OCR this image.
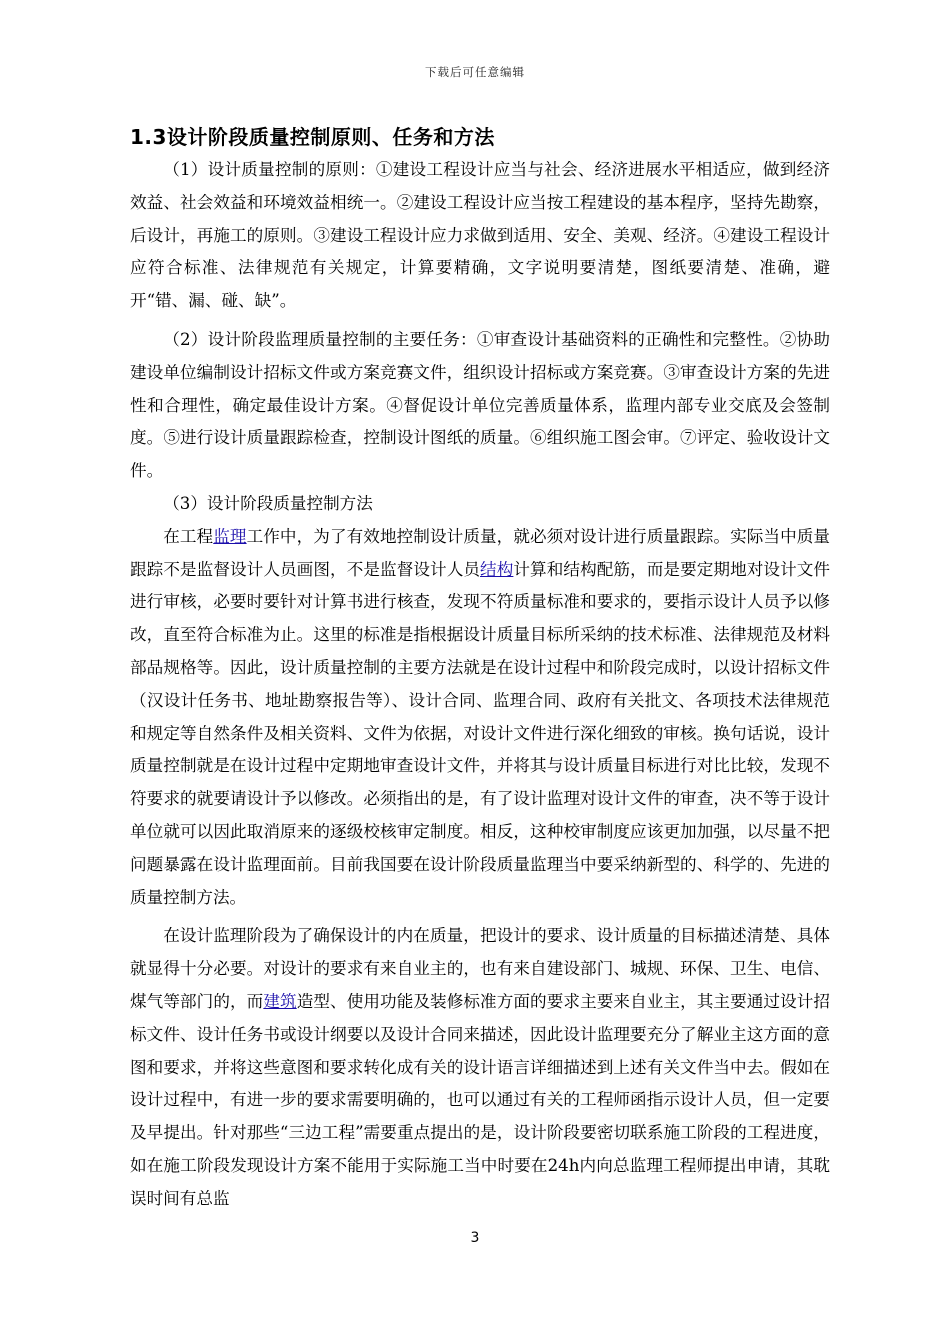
下载后可任意编辑
1.3设计阶段质量控制原则、任务和方法

（1）设计质量控制的原则：①建设工程设计应当与社会、经济进展水平相适应，做到经济效益、社会效益和环境效益相统一。②建设工程设计应当按工程建设的基本程序，坚持先勘察，后设计，再施工的原则。③建设工程设计应力求做到适用、安全、美观、经济。④建设工程设计应符合标准、法律规范有关规定，计算要精确，文字说明要清楚，图纸要清楚、准确，避开“错、漏、碰、缺”。

（2）设计阶段监理质量控制的主要任务：①审查设计基础资料的正确性和完整性。②协助建设单位编制设计招标文件或方案竞赛文件，组织设计招标或方案竞赛。③审查设计方案的先进性和合理性，确定最佳设计方案。④督促设计单位完善质量体系，监理内部专业交底及会签制度。⑤进行设计质量跟踪检查，控制设计图纸的质量。⑥组织施工图会审。⑦评定、验收设计文件。

（3）设计阶段质量控制方法

在工程监理工作中，为了有效地控制设计质量，就必须对设计进行质量跟踪。实际当中质量跟踪不是监督设计人员画图，不是监督设计人员结构计算和结构配筋，而是要定期地对设计文件进行审核，必要时要针对计算书进行核查，发现不符质量标准和要求的，要指示设计人员予以修改，直至符合标准为止。这里的标准是指根据设计质量目标所采纳的技术标准、法律规范及材料部品规格等。因此，设计质量控制的主要方法就是在设计过程中和阶段完成时，以设计招标文件（汉设计任务书、地址勘察报告等）、设计合同、监理合同、政府有关批文、各项技术法律规范和规定等自然条件及相关资料、文件为依据，对设计文件进行深化细致的审核。换句话说，设计质量控制就是在设计过程中定期地审查设计文件，并将其与设计质量目标进行对比比较，发现不符要求的就要请设计予以修改。必须指出的是，有了设计监理对设计文件的审查，决不等于设计单位就可以因此取消原来的逐级校核审定制度。相反，这种校审制度应该更加加强，以尽量不把问题暴露在设计监理面前。目前我国要在设计阶段质量监理当中要采纳新型的、科学的、先进的质量控制方法。

在设计监理阶段为了确保设计的内在质量，把设计的要求、设计质量的目标描述清楚、具体就显得十分必要。对设计的要求有来自业主的，也有来自建设部门、城规、环保、卫生、电信、煤气等部门的，而建筑造型、使用功能及装修标准方面的要求主要来自业主，其主要通过设计招标文件、设计任务书或设计纲要以及设计合同来描述，因此设计监理要充分了解业主这方面的意图和要求，并将这些意图和要求转化成有关的设计语言详细描述到上述有关文件当中去。假如在设计过程中，有进一步的要求需要明确的，也可以通过有关的工程师函指示设计人员，但一定要及早提出。针对那些“三边工程”需要重点提出的是，设计阶段要密切联系施工阶段的工程进度，如在施工阶段发现设计方案不能用于实际施工当中时要在24h内向总监理工程师提出申请，其耽误时间有总监

3
